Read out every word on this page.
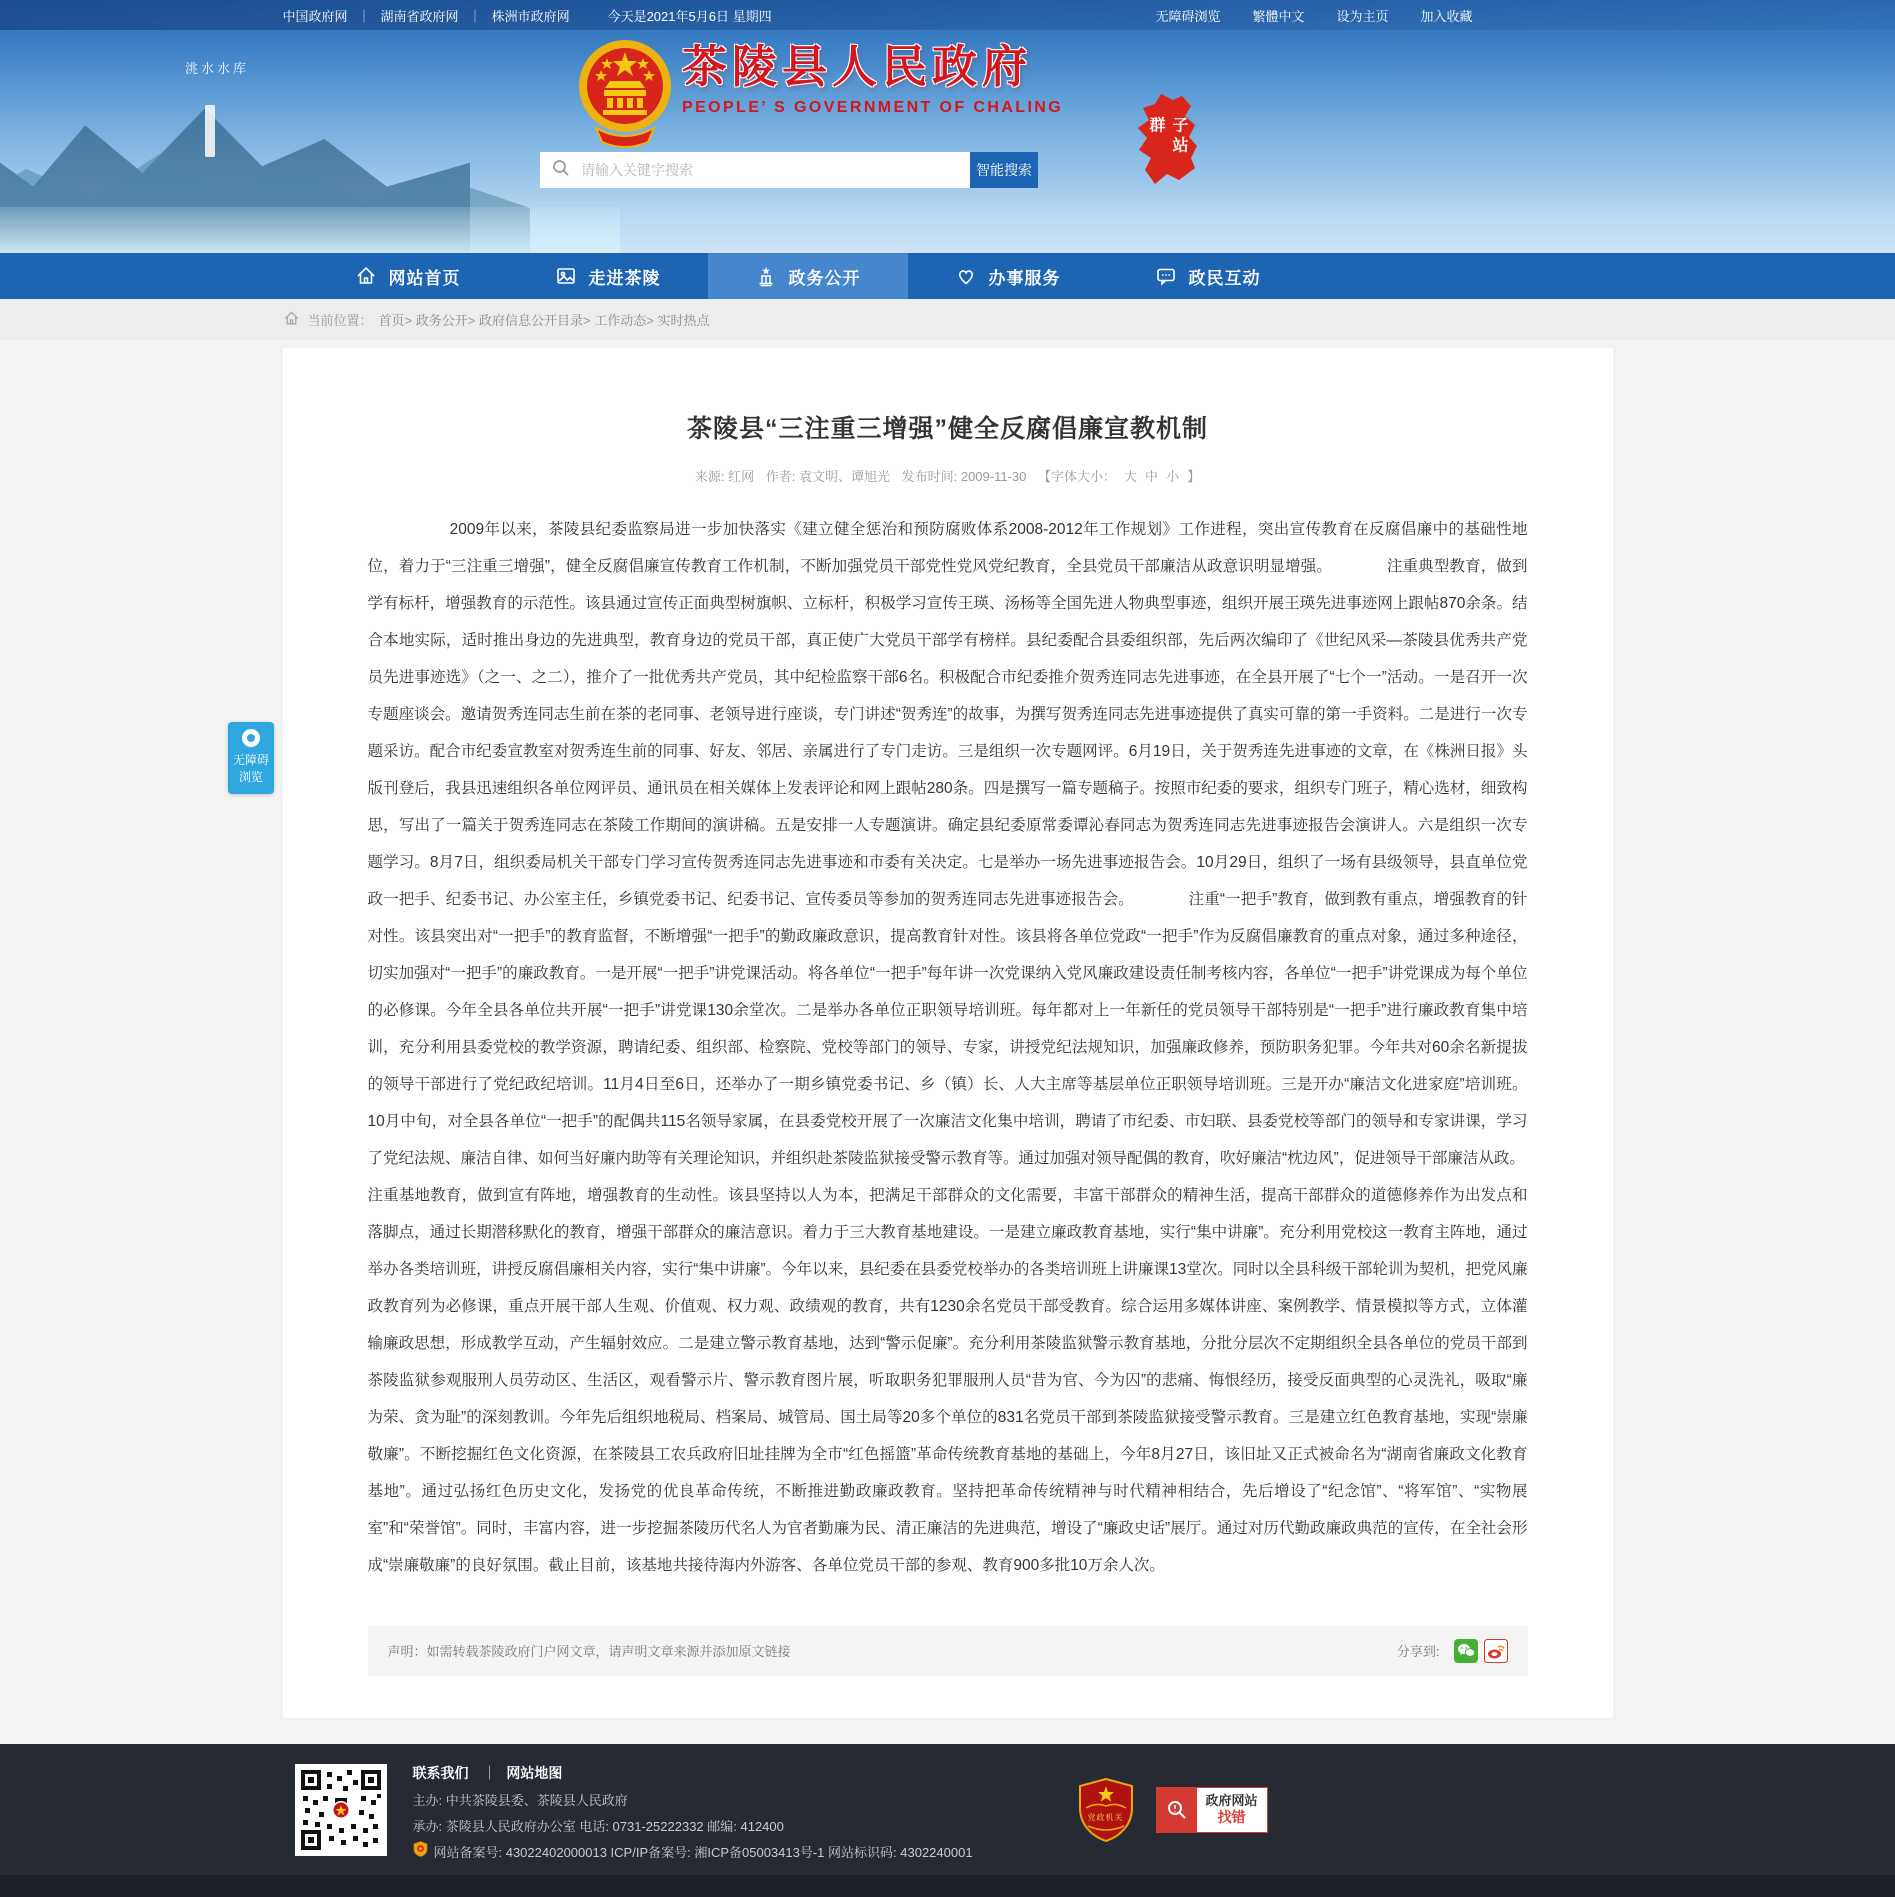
洮水水库
中国政府网	｜ 湖南省政府网	｜ 株洲市政府网	今天是2021年5月6日 星期四	无障碍浏览 繁體中文 设为主页 加入收藏
茶陵县人民政府
PEOPLE’ S GOVERNMENT OF CHALING
请输入关键字搜索
智能搜索
子站群
网站首页	走进茶陵	政务公开	办事服务	政民互动
当前位置： 首页 > 政务公开 > 政府信息公开目录 > 工作动态 > 实时热点
茶陵县“三注重三增强”健全反腐倡廉宣教机制
来源: 红网 作者: 袁文明、谭旭光 发布时间: 2009-11-30 【字体大小： 大 中 小 】

2009年以来，茶陵县纪委监察局进一步加快落实《建立健全惩治和预防腐败体系2008-2012年工作规划》工作进程，突出宣传教育在反腐倡廉中的基础性地位，着力于“三注重三增强”，健全反腐倡廉宣传教育工作机制，不断加强党员干部党性党风党纪教育，全县党员干部廉洁从政意识明显增强。　　　　注重典型教育，做到学有标杆，增强教育的示范性。该县通过宣传正面典型树旗帜、立标杆，积极学习宣传王瑛、汤杨等全国先进人物典型事迹，组织开展王瑛先进事迹网上跟帖870余条。结合本地实际，适时推出身边的先进典型，教育身边的党员干部，真正使广大党员干部学有榜样。县纪委配合县委组织部，先后两次编印了《世纪风采—茶陵县优秀共产党员先进事迹选》（之一、之二），推介了一批优秀共产党员，其中纪检监察干部6名。积极配合市纪委推介贺秀连同志先进事迹，在全县开展了“七个一”活动。一是召开一次专题座谈会。邀请贺秀连同志生前在茶的老同事、老领导进行座谈，专门讲述“贺秀连”的故事，为撰写贺秀连同志先进事迹提供了真实可靠的第一手资料。二是进行一次专题采访。配合市纪委宣教室对贺秀连生前的同事、好友、邻居、亲属进行了专门走访。三是组织一次专题网评。6月19日，关于贺秀连先进事迹的文章，在《株洲日报》头版刊登后，我县迅速组织各单位网评员、通讯员在相关媒体上发表评论和网上跟帖280条。四是撰写一篇专题稿子。按照市纪委的要求，组织专门班子，精心选材，细致构思，写出了一篇关于贺秀连同志在茶陵工作期间的演讲稿。五是安排一人专题演讲。确定县纪委原常委谭沁春同志为贺秀连同志先进事迹报告会演讲人。六是组织一次专题学习。8月7日，组织委局机关干部专门学习宣传贺秀连同志先进事迹和市委有关决定。七是举办一场先进事迹报告会。10月29日，组织了一场有县级领导，县直单位党政一把手、纪委书记、办公室主任，乡镇党委书记、纪委书记、宣传委员等参加的贺秀连同志先进事迹报告会。　　　　注重“一把手”教育，做到教有重点，增强教育的针对性。该县突出对“一把手”的教育监督，不断增强“一把手”的勤政廉政意识，提高教育针对性。该县将各单位党政“一把手”作为反腐倡廉教育的重点对象，通过多种途径，切实加强对“一把手”的廉政教育。一是开展“一把手”讲党课活动。将各单位“一把手”每年讲一次党课纳入党风廉政建设责任制考核内容，各单位“一把手”讲党课成为每个单位的必修课。今年全县各单位共开展“一把手”讲党课130余堂次。二是举办各单位正职领导培训班。每年都对上一年新任的党员领导干部特别是“一把手”进行廉政教育集中培训，充分利用县委党校的教学资源，聘请纪委、组织部、检察院、党校等部门的领导、专家，讲授党纪法规知识，加强廉政修养，预防职务犯罪。今年共对60余名新提拔的领导干部进行了党纪政纪培训。11月4日至6日，还举办了一期乡镇党委书记、乡（镇）长、人大主席等基层单位正职领导培训班。三是开办“廉洁文化进家庭”培训班。10月中旬，对全县各单位“一把手”的配偶共115名领导家属，在县委党校开展了一次廉洁文化集中培训，聘请了市纪委、市妇联、县委党校等部门的领导和专家讲课，学习了党纪法规、廉洁自律、如何当好廉内助等有关理论知识，并组织赴茶陵监狱接受警示教育等。通过加强对领导配偶的教育，吹好廉洁“枕边风”，促进领导干部廉洁从政。

注重基地教育，做到宣有阵地，增强教育的生动性。该县坚持以人为本，把满足干部群众的文化需要，丰富干部群众的精神生活，提高干部群众的道德修养作为出发点和落脚点，通过长期潜移默化的教育，增强干部群众的廉洁意识。着力于三大教育基地建设。一是建立廉政教育基地，实行“集中讲廉”。充分利用党校这一教育主阵地，通过举办各类培训班，讲授反腐倡廉相关内容，实行“集中讲廉”。今年以来，县纪委在县委党校举办的各类培训班上讲廉课13堂次。同时以全县科级干部轮训为契机，把党风廉政教育列为必修课，重点开展干部人生观、价值观、权力观、政绩观的教育，共有1230余名党员干部受教育。综合运用多媒体讲座、案例教学、情景模拟等方式，立体灌输廉政思想，形成教学互动，产生辐射效应。二是建立警示教育基地，达到“警示促廉”。充分利用茶陵监狱警示教育基地，分批分层次不定期组织全县各单位的党员干部到茶陵监狱参观服刑人员劳动区、生活区，观看警示片、警示教育图片展，听取职务犯罪服刑人员“昔为官、今为囚”的悲痛、悔恨经历，接受反面典型的心灵洗礼，吸取“廉为荣、贪为耻”的深刻教训。今年先后组织地税局、档案局、城管局、国土局等20多个单位的831名党员干部到茶陵监狱接受警示教育。三是建立红色教育基地，实现“崇廉敬廉”。不断挖掘红色文化资源，在茶陵县工农兵政府旧址挂牌为全市“红色摇篮”革命传统教育基地的基础上，今年8月27日，该旧址又正式被命名为“湖南省廉政文化教育基地”。通过弘扬红色历史文化，发扬党的优良革命传统，不断推进勤政廉政教育。坚持把革命传统精神与时代精神相结合，先后增设了“纪念馆”、“将军馆”、“实物展室”和“荣誉馆”。同时，丰富内容，进一步挖掘茶陵历代名人为官者勤廉为民、清正廉洁的先进典范，增设了“廉政史话”展厅。通过对历代勤政廉政典范的宣传，在全社会形成“崇廉敬廉”的良好氛围。截止目前，该基地共接待海内外游客、各单位党员干部的参观、教育900多批10万余人次。

声明：如需转载茶陵政府门户网文章，请声明文章来源并添加原文链接	分享到:
联系我们	｜ 网站地图
主办: 中共茶陵县委、茶陵县人民政府
承办: 茶陵县人民政府办公室 电话: 0731-25222332 邮编: 412400
网站备案号: 43022402000013 ICP/IP备案号: 湘ICP备05003413号-1 网站标识码: 4302240001
党政机关
政府网站
找错
无障碍
浏览
